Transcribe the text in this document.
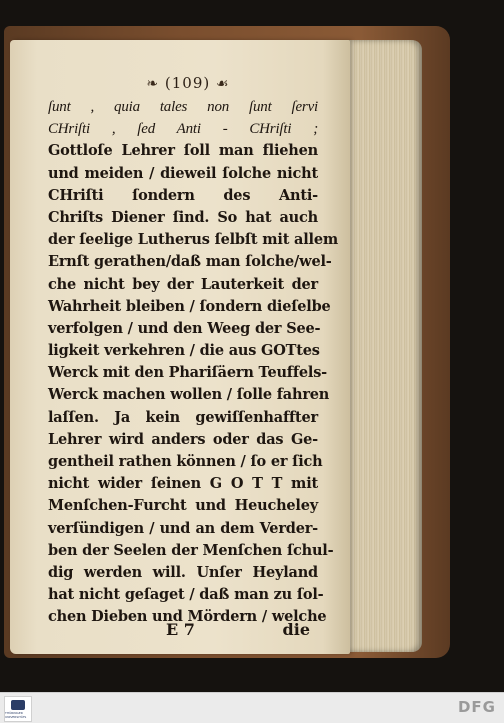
❧ (109) ☙
ſunt , quia tales non ſunt ſervi
CHriſti , ſed Anti - CHriſti ;
Gottloſe Lehrer ſoll man fliehen
und meiden / dieweil ſolche nicht
CHriſti ſondern des Anti-
Chriſts Diener ſind. So hat auch
der ſeelige Lutherus ſelbſt mit allem
Ernſt gerathen/daß man ſolche/wel-
che nicht bey der Lauterkeit der
Wahrheit bleiben / ſondern dieſelbe
verfolgen / und den Weeg der See-
ligkeit verkehren / die aus GOTtes
Werck mit den Phariſäern Teuffels-
Werck machen wollen / ſolle fahren
laſſen. Ja kein gewiſſenhaffter
Lehrer wird anders oder das Ge-
gentheil rathen können / ſo er ſich
nicht wider ſeinen G O T T mit
Menſchen-Furcht und Heucheley
verſündigen / und an dem Verder-
ben der Seelen der Menſchen ſchul-
dig werden will. Unſer Heyland
hat nicht geſaget / daß man zu ſol-
chen Dieben und Mördern / welche
E 7	die
THÜRINGER UNIVERSITÄTS
DFG
